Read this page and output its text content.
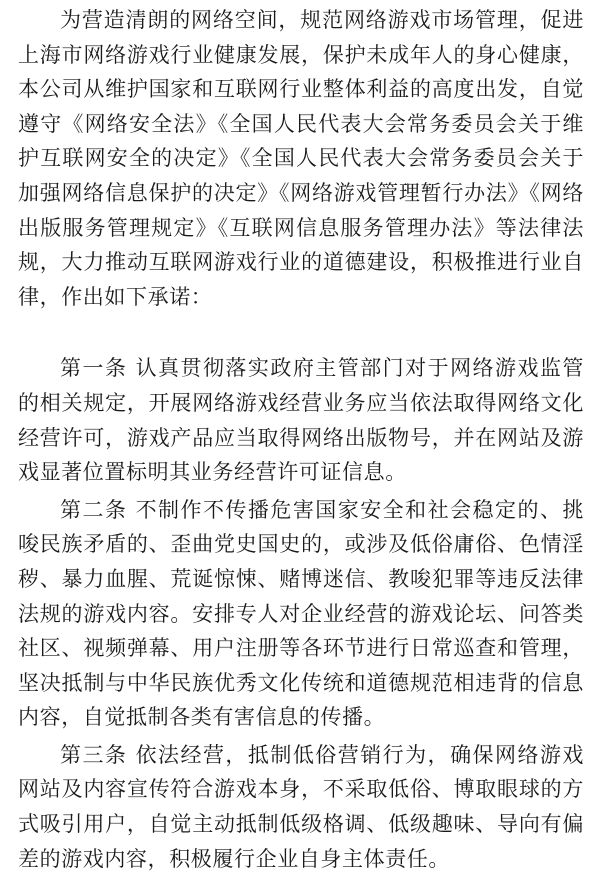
为营造清朗的网络空间，规范网络游戏市场管理，促进上海市网络游戏行业健康发展，保护未成年人的身心健康，本公司从维护国家和互联网行业整体利益的高度出发，自觉遵守《网络安全法》《全国人民代表大会常务委员会关于维护互联网安全的决定》《全国人民代表大会常务委员会关于加强网络信息保护的决定》《网络游戏管理暂行办法》《网络出版服务管理规定》《互联网信息服务管理办法》等法律法规，大力推动互联网游戏行业的道德建设，积极推进行业自律，作出如下承诺：

第一条 认真贯彻落实政府主管部门对于网络游戏监管的相关规定，开展网络游戏经营业务应当依法取得网络文化经营许可，游戏产品应当取得网络出版物号，并在网站及游戏显著位置标明其业务经营许可证信息。

第二条 不制作不传播危害国家安全和社会稳定的、挑唆民族矛盾的、歪曲党史国史的，或涉及低俗庸俗、色情淫秽、暴力血腥、荒诞惊悚、赌博迷信、教唆犯罪等违反法律法规的游戏内容。安排专人对企业经营的游戏论坛、问答类社区、视频弹幕、用户注册等各环节进行日常巡查和管理，坚决抵制与中华民族优秀文化传统和道德规范相违背的信息内容，自觉抵制各类有害信息的传播。

第三条 依法经营，抵制低俗营销行为，确保网络游戏网站及内容宣传符合游戏本身，不采取低俗、博取眼球的方式吸引用户，自觉主动抵制低级格调、低级趣味、导向有偏差的游戏内容，积极履行企业自身主体责任。
